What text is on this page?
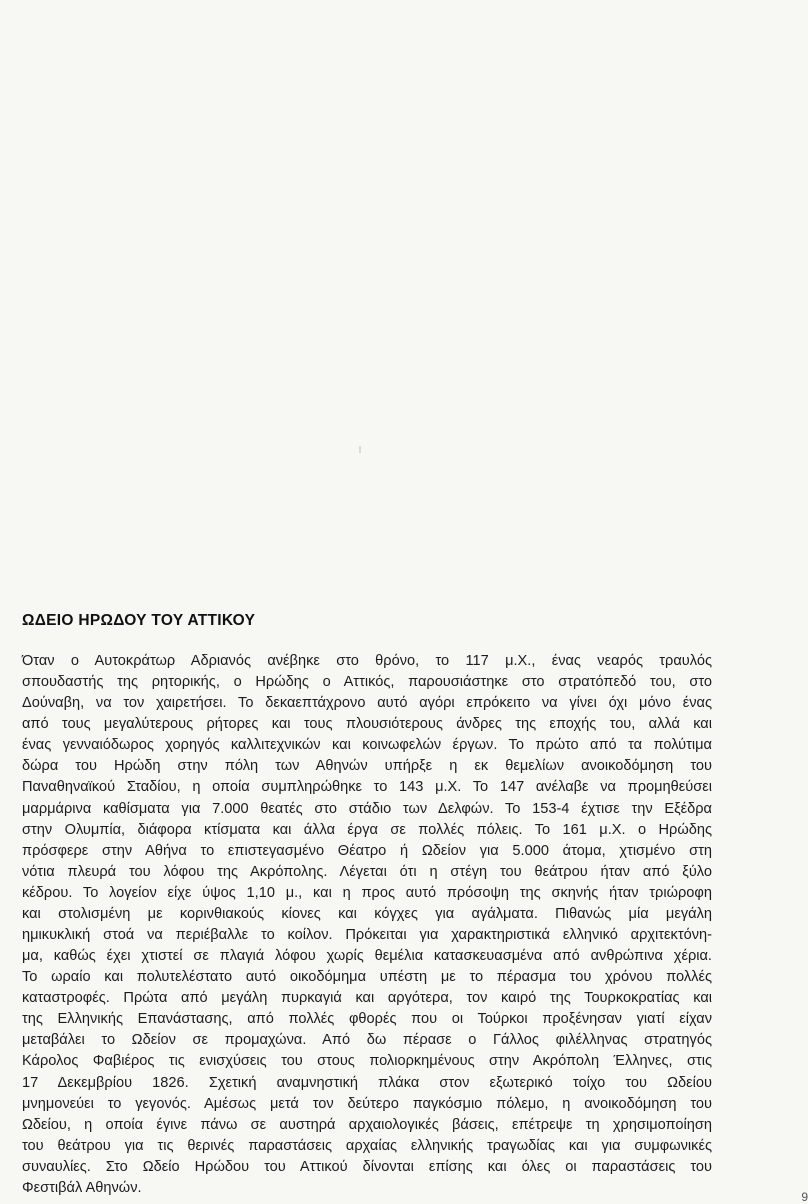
ΩΔΕΙΟ ΗΡΩΔΟΥ ΤΟΥ ΑΤΤΙΚΟΥ
Όταν ο Αυτοκράτωρ Αδριανός ανέβηκε στο θρόνο, το 117 μ.Χ., ένας νεαρός τραυλός
σπουδαστής της ρητορικής, ο Ηρώδης ο Αττικός, παρουσιάστηκε στο στρατόπεδό του, στο
Δούναβη, να τον χαιρετήσει. Το δεκαεπτάχρονο αυτό αγόρι επρόκειτο να γίνει όχι μόνο ένας
από τους μεγαλύτερους ρήτορες και τους πλουσιότερους άνδρες της εποχής του, αλλά και
ένας γενναιόδωρος χορηγός καλλιτεχνικών και κοινωφελών έργων. Το πρώτο από τα πολύτιμα
δώρα του Ηρώδη στην πόλη των Αθηνών υπήρξε η εκ θεμελίων ανοικοδόμηση του
Παναθηναϊκού Σταδίου, η οποία συμπληρώθηκε το 143 μ.Χ. Το 147 ανέλαβε να προμηθεύσει
μαρμάρινα καθίσματα για 7.000 θεατές στο στάδιο των Δελφών. Το 153-4 έχτισε την Εξέδρα
στην Ολυμπία, διάφορα κτίσματα και άλλα έργα σε πολλές πόλεις. Το 161 μ.Χ. ο Ηρώδης
πρόσφερε στην Αθήνα το επιστεγασμένο Θέατρο ή Ωδείον για 5.000 άτομα, χτισμένο στη
νότια πλευρά του λόφου της Ακρόπολης. Λέγεται ότι η στέγη του θεάτρου ήταν από ξύλο
κέδρου. Το λογείον είχε ύψος 1,10 μ., και η προς αυτό πρόσοψη της σκηνής ήταν τριώροφη
και στολισμένη με κορινθιακούς κίονες και κόγχες για αγάλματα. Πιθανώς μία μεγάλη
ημικυκλική στοά να περιέβαλλε το κοίλον. Πρόκειται για χαρακτηριστικά ελληνικό αρχιτεκτόνη-
μα, καθώς έχει χτιστεί σε πλαγιά λόφου χωρίς θεμέλια κατασκευασμένα από ανθρώπινα χέρια.
Το ωραίο και πολυτελέστατο αυτό οικοδόμημα υπέστη με το πέρασμα του χρόνου πολλές
καταστροφές. Πρώτα από μεγάλη πυρκαγιά και αργότερα, τον καιρό της Τουρκοκρατίας και
της Ελληνικής Επανάστασης, από πολλές φθορές που οι Τούρκοι προξένησαν γιατί είχαν
μεταβάλει το Ωδείον σε προμαχώνα. Από δω πέρασε ο Γάλλος φιλέλληνας στρατηγός
Κάρολος Φαβιέρος τις ενισχύσεις του στους πολιορκημένους στην Ακρόπολη Έλληνες, στις
17 Δεκεμβρίου 1826. Σχετική αναμνηστική πλάκα στον εξωτερικό τοίχο του Ωδείου
μνημονεύει το γεγονός. Αμέσως μετά τον δεύτερο παγκόσμιο πόλεμο, η ανοικοδόμηση του
Ωδείου, η οποία έγινε πάνω σε αυστηρά αρχαιολογικές βάσεις, επέτρεψε τη χρησιμοποίηση
του θεάτρου για τις θερινές παραστάσεις αρχαίας ελληνικής τραγωδίας και για συμφωνικές
συναυλίες. Στο Ωδείο Ηρώδου του Αττικού δίνονται επίσης και όλες οι παραστάσεις του
Φεστιβάλ Αθηνών.
9
